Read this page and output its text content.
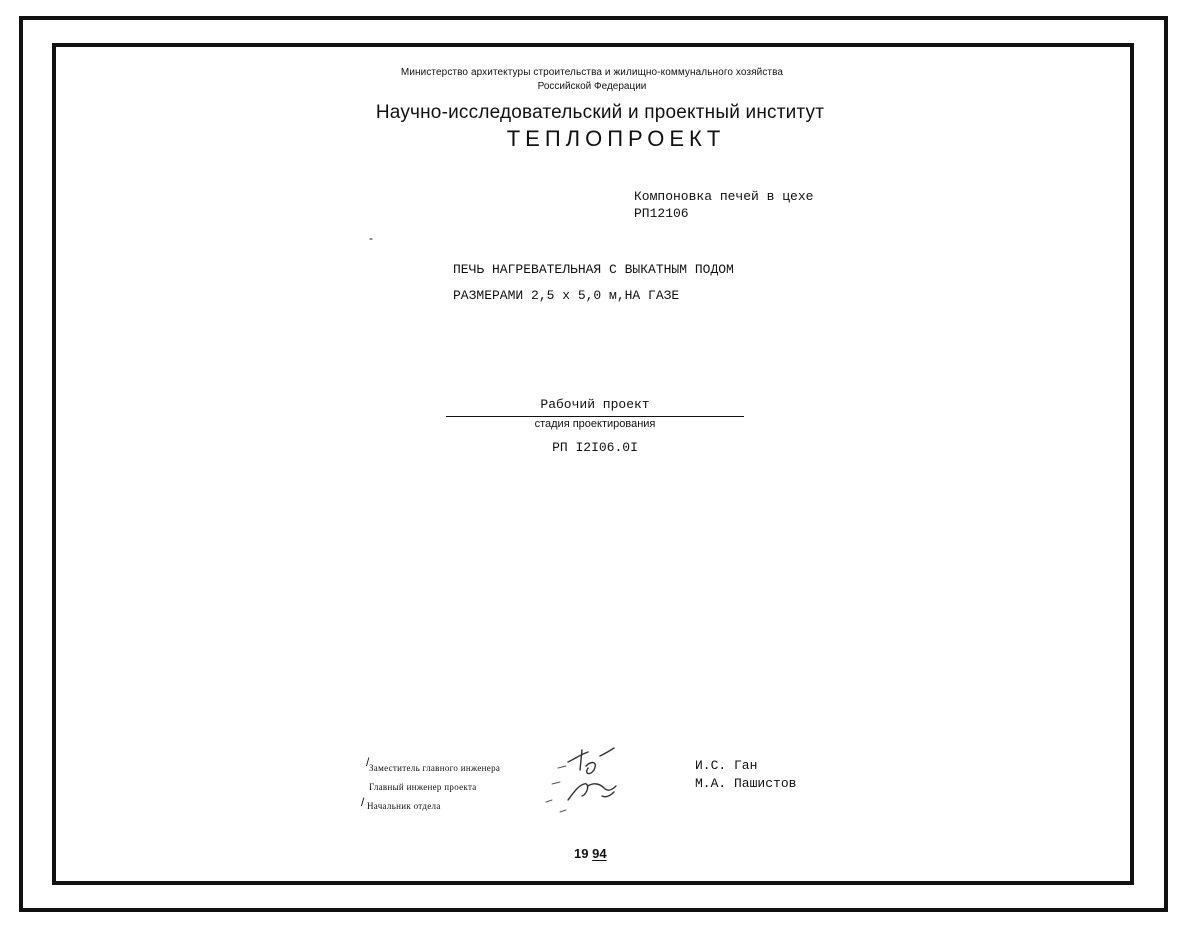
Министерство архитектуры строительства и жилищно-коммунального хозяйства
Российской Федерации
Научно-исследовательский и проектный институт
ТЕПЛОПРОЕКТ
Компоновка печей в цехе
РП12106
-
ПЕЧЬ НАГРЕВАТЕЛЬНАЯ С ВЫКАТНЫМ ПОДОМ
РАЗМЕРАМИ 2,5 x 5,0 м,НА ГАЗЕ
Рабочий проект
стадия проектирования
РП I2I06.0I
/ Заместитель главного инженера
Главный инженер проекта
/ Начальник отдела
И.С. Ган
М.А. Пашистов
19 94
